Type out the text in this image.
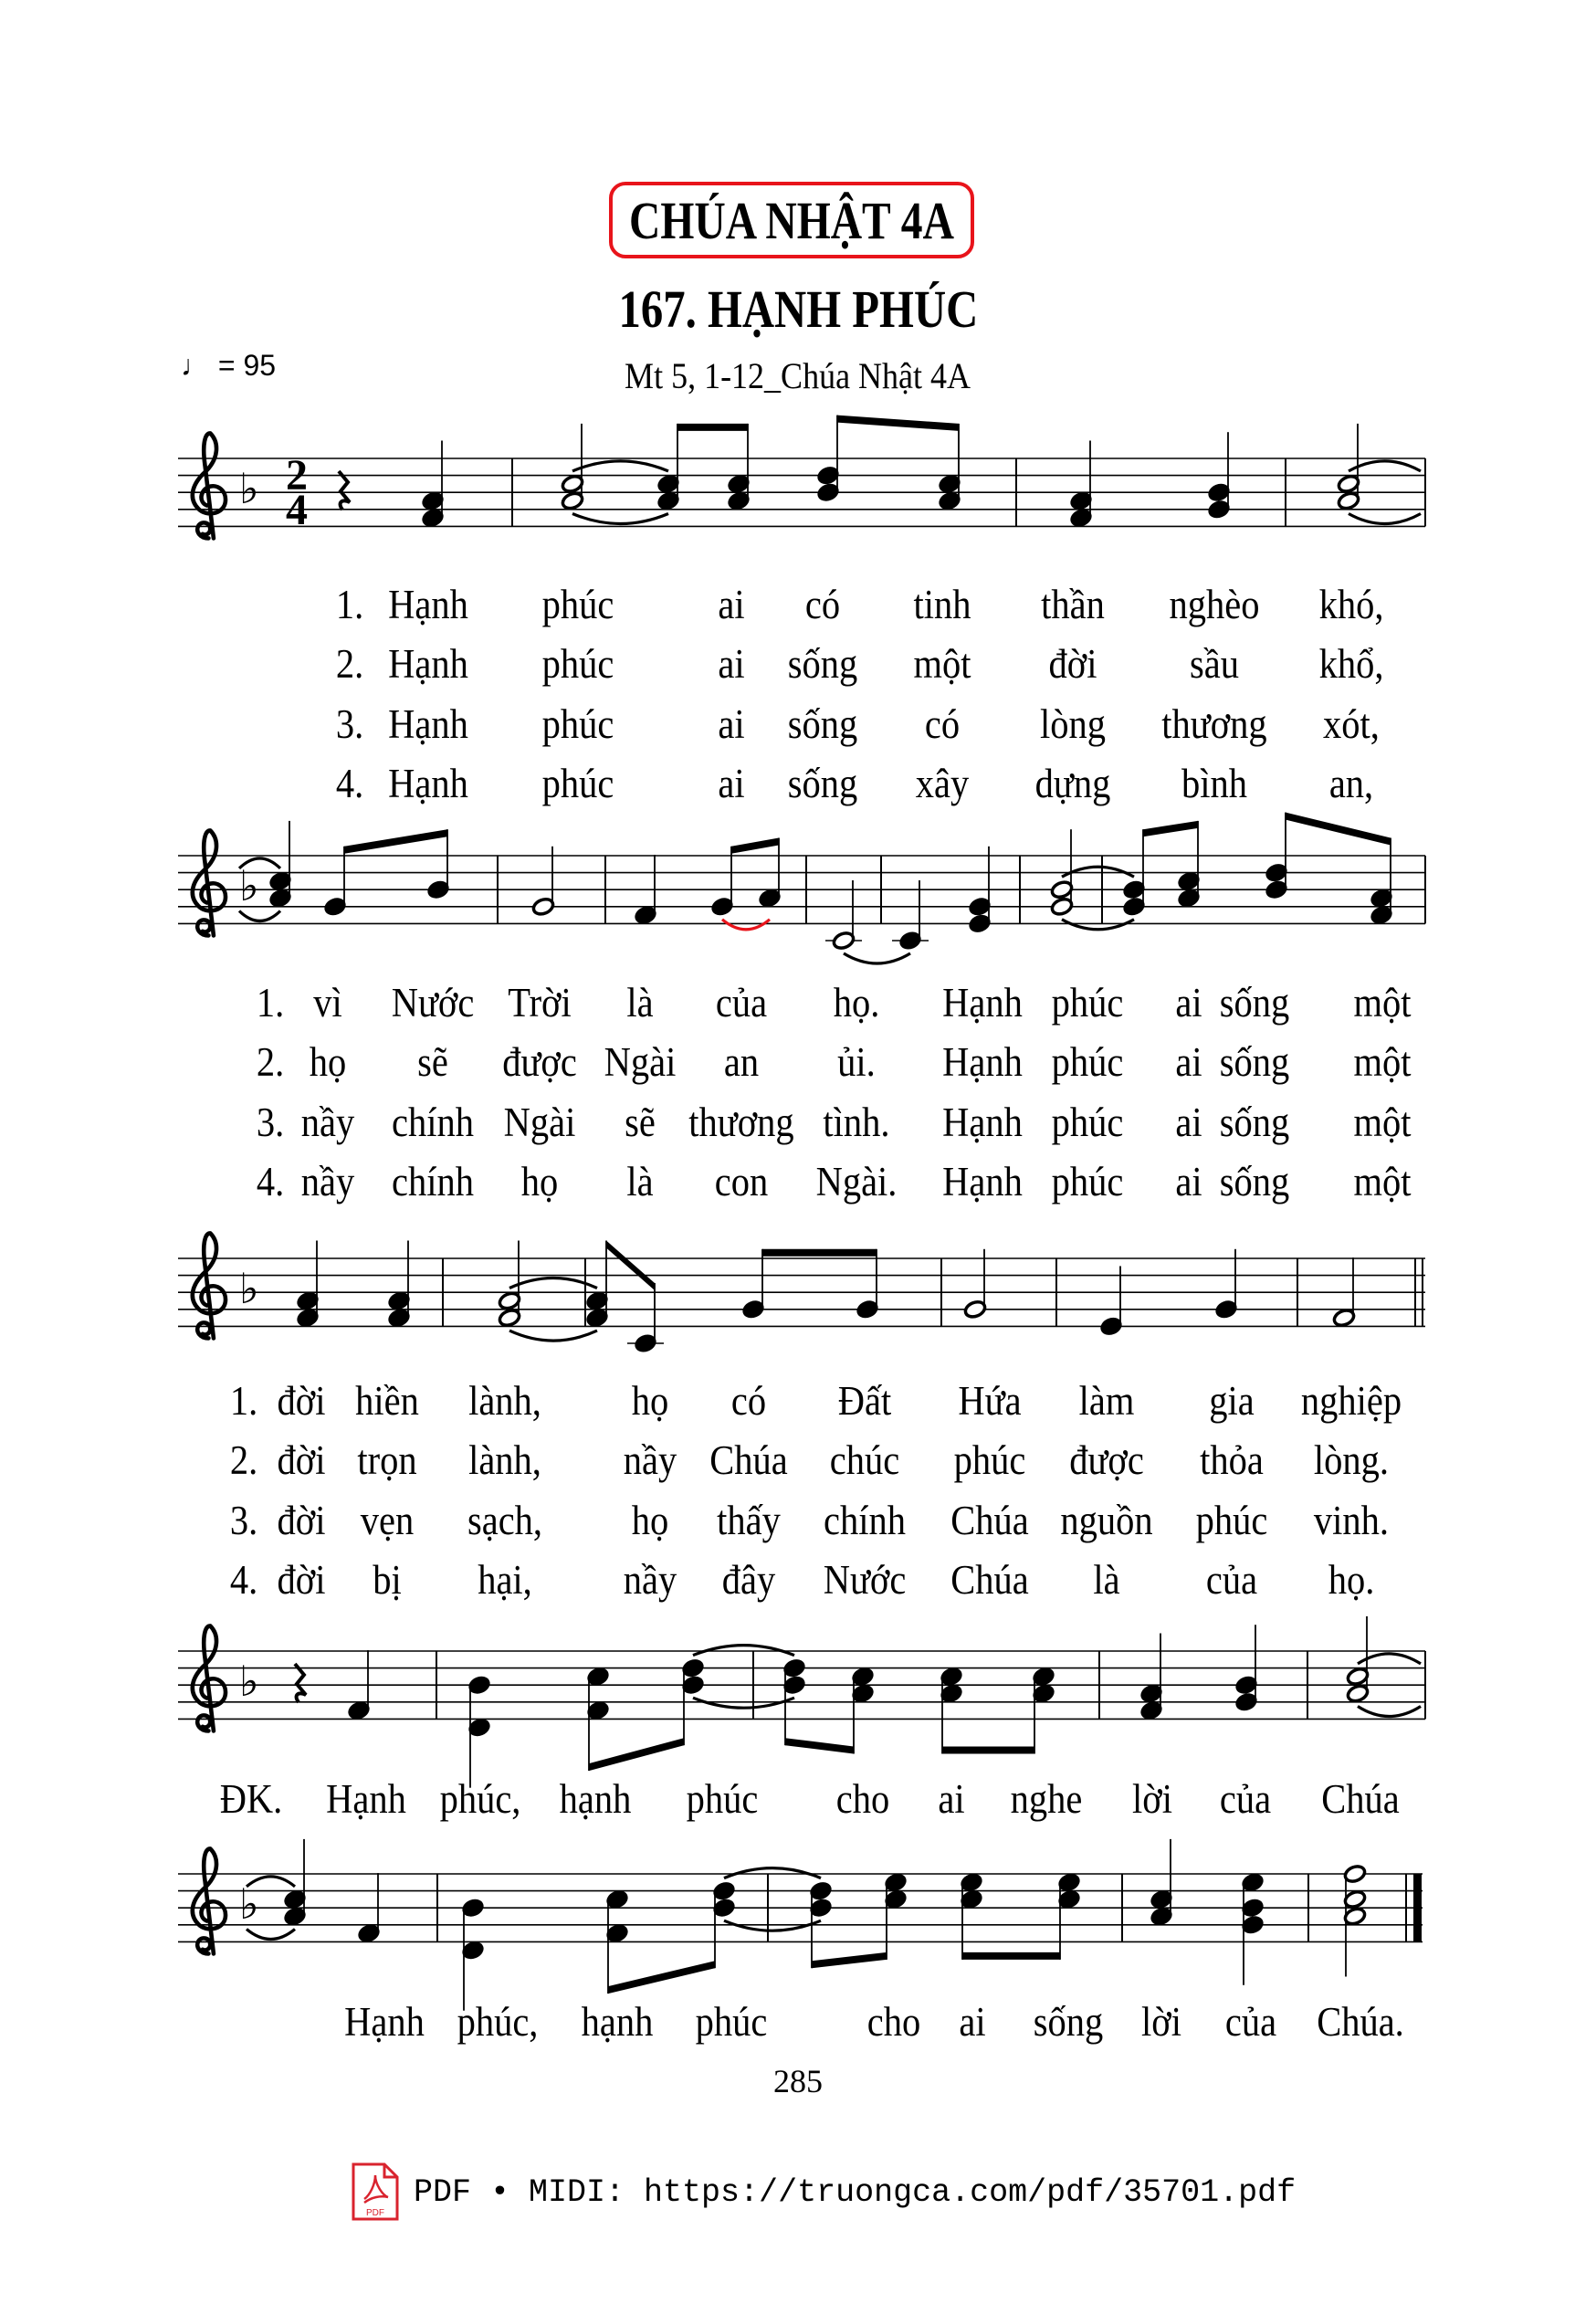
♭ 2
4
♭
♭
♭
♭
CHÚA NHẬT 4A
167. HẠNH PHÚC
♩ = 95	Mt 5, 1-12_Chúa Nhật 4A
1. Hạnh phúc	ai có tinh thần nghèo khó,
2. Hạnh phúc	ai sống một đời sầu khổ,
3. Hạnh phúc	ai sống có lòng thương xót,
4. Hạnh phúc	ai sống xây dựng bình an,
1. vì Nước Trời là của họ. Hạnh phúc ai sống một
2. họ sẽ được Ngài an ủi. Hạnh phúc ai sống một
3. nầy chính Ngài sẽ thương tình. Hạnh phúc ai sống một
4. nầy chính họ là con Ngài. Hạnh phúc ai sống một
1. đời hiền lành, họ có Đất Hứa làm gia nghiệp
2. đời trọn lành, nầy Chúa chúc phúc được thỏa lòng.
3. đời vẹn sạch, họ thấy chính Chúa nguồn phúc vinh.
4. đời bị hại, nầy đây Nước Chúa là của họ.
ĐK. Hạnh phúc, hạnh phúc cho ai nghe lời của Chúa
Hạnh phúc, hạnh phúc cho ai sống lời của Chúa.
285
PDF
PDF • MIDI: https://truongca.com/pdf/35701.pdf
